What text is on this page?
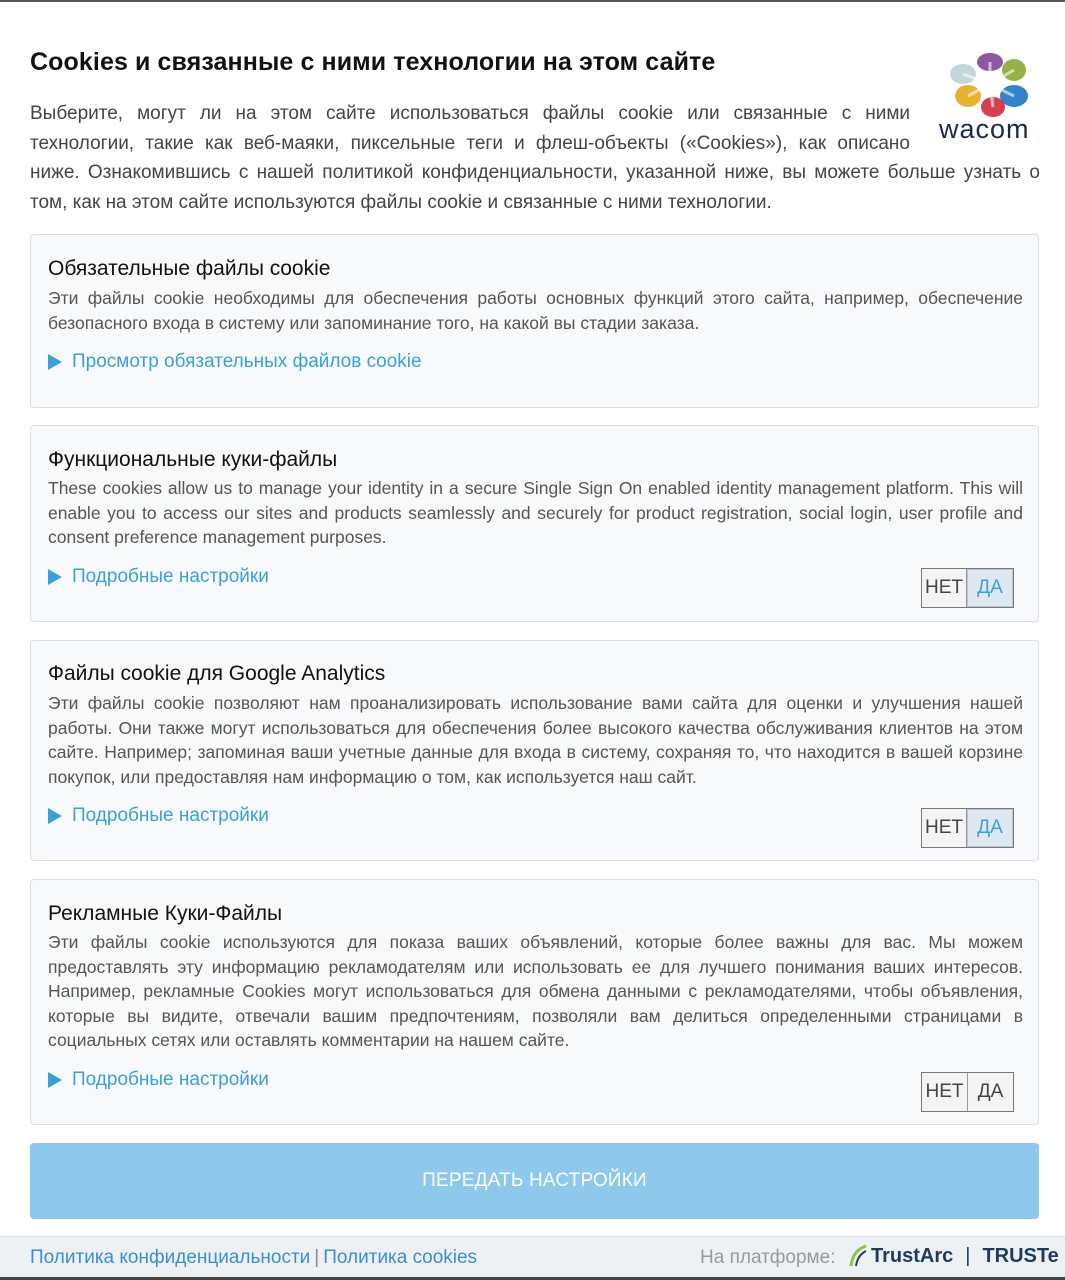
Cookies и связанные с ними технологии на этом сайте
wacom
Выберите, могут ли на этом сайте использоваться файлы cookie или связанные с ними
технологии, такие как веб-маяки, пиксельные теги и флеш-объекты («Cookies»), как описано
ниже. Ознакомившись с нашей политикой конфиденциальности, указанной ниже, вы можете больше узнать о том, как на этом сайте используются файлы cookie и связанные с ними технологии.
Обязательные файлы cookie
Эти файлы cookie необходимы для обеспечения работы основных функций этого сайта, например, обеспечение безопасного входа в систему или запоминание того, на какой вы стадии заказа.
Просмотр обязательных файлов cookie
Функциональные куки-файлы
These cookies allow us to manage your identity in a secure Single Sign On enabled identity management platform. This will enable you to access our sites and products seamlessly and securely for product registration, social login, user profile and consent preference management purposes.
Подробные настройки
НЕТ ДА
Файлы cookie для Google Analytics
Эти файлы cookie позволяют нам проанализировать использование вами сайта для оценки и улучшения нашей работы. Они также могут использоваться для обеспечения более высокого качества обслуживания клиентов на этом сайте. Например; запоминая ваши учетные данные для входа в систему, сохраняя то, что находится в вашей корзине покупок, или предоставляя нам информацию о том, как используется наш сайт.
Подробные настройки
НЕТ ДА
Рекламные Куки-Файлы
Эти файлы cookie используются для показа ваших объявлений, которые более важны для вас. Мы можем предоставлять эту информацию рекламодателям или использовать ее для лучшего понимания ваших интересов. Например, рекламные Cookies могут использоваться для обмена данными с рекламодателями, чтобы объявления, которые вы видите, отвечали вашим предпочтениям, позволяли вам делиться определенными страницами в социальных сетях или оставлять комментарии на нашем сайте.
Подробные настройки
НЕТ ДА
ПЕРЕДАТЬ НАСТРОЙКИ
Политика конфиденциальности | Политика cookies	На платформе: TrustArc | TRUSTe
